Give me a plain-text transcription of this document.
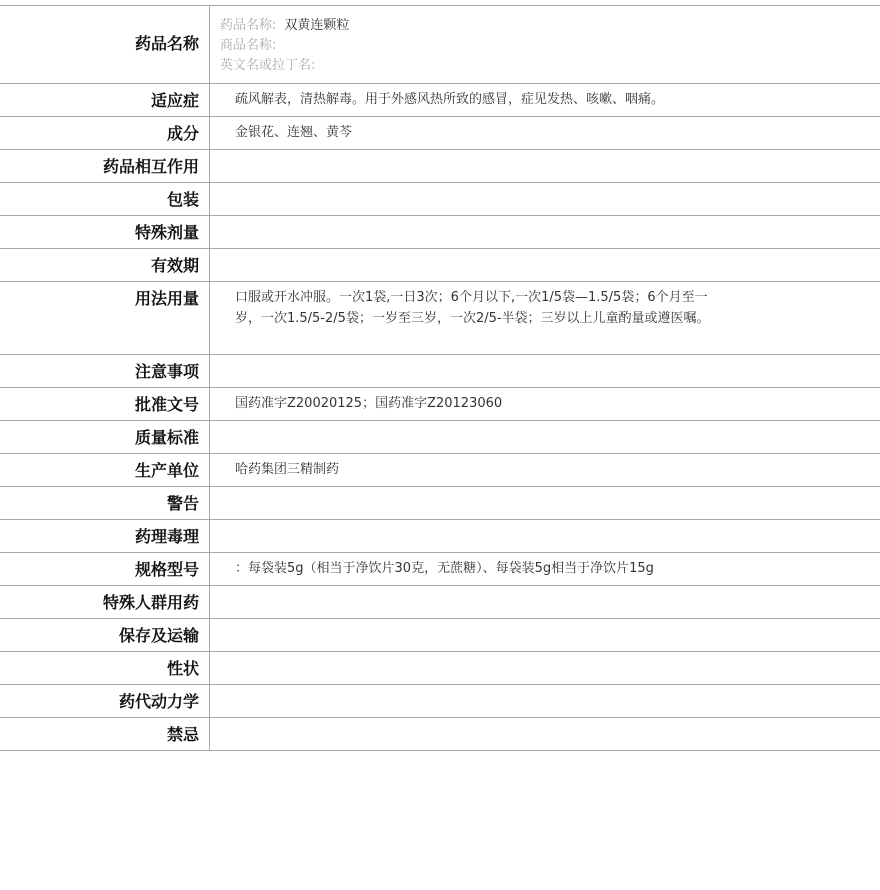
药品名称	药品名称: 双黄连颗粒
商品名称:
英文名或拉丁名:

适应症	疏风解表，清热解毒。用于外感风热所致的感冒，症见发热、咳嗽、咽痛。
成分	金银花、连翘、黄芩
药品相互作用	
包装	
特殊剂量	
有效期	
用法用量	口服或开水冲服。一次1袋,一日3次；6个月以下,一次1/5袋—1.5/5袋；6个月至一岁，一次1.5/5-2/5袋；一岁至三岁，一次2/5-半袋；三岁以上儿童酌量或遵医嘱。

注意事项	
批准文号	国药准字Z20020125；国药准字Z20123060
质量标准	
生产单位	哈药集团三精制药
警告	
药理毒理	
规格型号	：每袋装5g（相当于净饮片30克，无蔗糖）、每袋装5g相当于净饮片15g
特殊人群用药	
保存及运输	
性状	
药代动力学	
禁忌	
